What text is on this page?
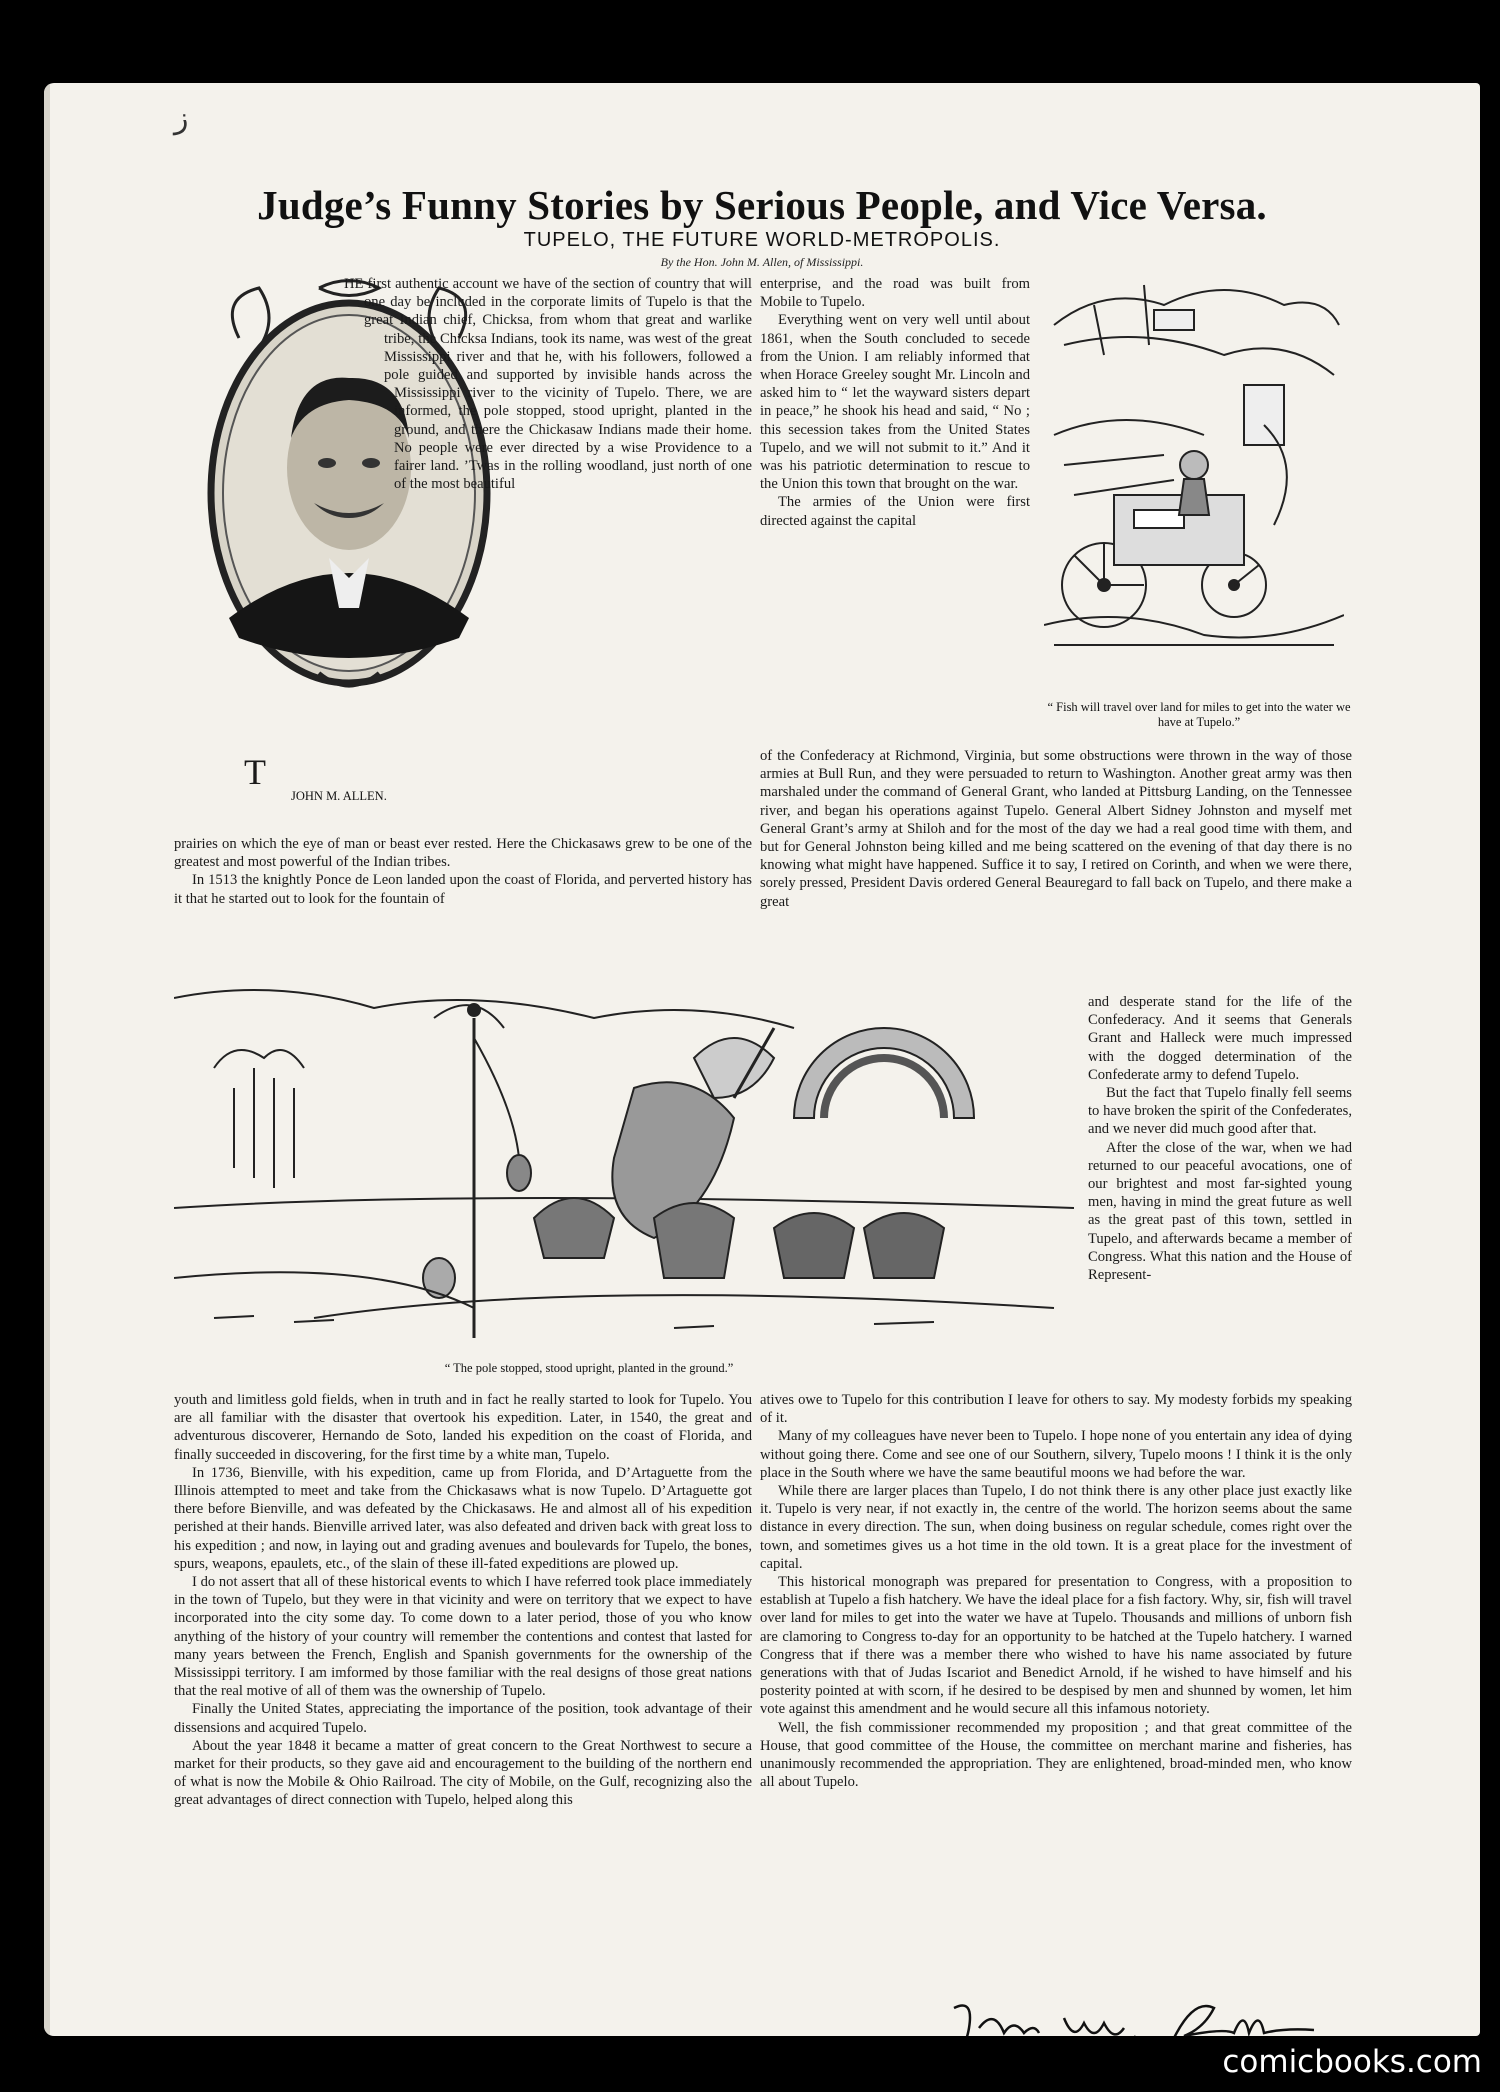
ﺯ
Judge’s Funny Stories by Serious People, and Vice Versa.
TUPELO, THE FUTURE WORLD-METROPOLIS.
By the Hon. John M. Allen, of Mississippi.
JOHN M. ALLEN.

T
HE first authentic account we have of the section of country that will one day be included in the corporate limits of Tupelo is that the great Indian chief, Chicksa, from whom that great and warlike tribe, the Chicksa Indians, took its name, was west of the great Mississippi river and that he, with his followers, followed a pole guided and supported by invisible hands across the Mississippi river to the vicinity of Tupelo. There, we are informed, the pole stopped, stood upright, planted in the ground, and there the Chickasaw Indians made their home. No people were ever directed by a wise Providence to a fairer land. ’Twas in the rolling woodland, just north of one of the most beautiful

prairies on which the eye of man or beast ever rested. Here the Chickasaws grew to be one of the greatest and most powerful of the Indian tribes.

In 1513 the knightly Ponce de Leon landed upon the coast of Florida, and perverted history has it that he started out to look for the fountain of

enterprise, and the road was built from Mobile to Tupelo.

Everything went on very well until about 1861, when the South concluded to secede from the Union. I am reliably informed that when Horace Greeley sought Mr. Lincoln and asked him to “ let the wayward sisters depart in peace,” he shook his head and said, “ No ; this secession takes from the United States Tupelo, and we will not submit to it.” And it was his patriotic determination to rescue to the Union this town that brought on the war.

The armies of the Union were first directed against the capital

“ Fish will travel over land for miles to get into the water we have at Tupelo.”

of the Confederacy at Richmond, Virginia, but some obstructions were thrown in the way of those armies at Bull Run, and they were persuaded to return to Washington. Another great army was then marshaled under the command of General Grant, who landed at Pittsburg Landing, on the Tennessee river, and began his operations against Tupelo. General Albert Sidney Johnston and myself met General Grant’s army at Shiloh and for the most of the day we had a real good time with them, and but for General Johnston being killed and me being scattered on the evening of that day there is no knowing what might have happened. Suffice it to say, I retired on Corinth, and when we were there, sorely pressed, President Davis ordered General Beauregard to fall back on Tupelo, and there make a great

and desperate stand for the life of the Confederacy. And it seems that Generals Grant and Halleck were much impressed with the dogged determination of the Confederate army to defend Tupelo.

But the fact that Tupelo finally fell seems to have broken the spirit of the Confederates, and we never did much good after that.

After the close of the war, when we had returned to our peaceful avocations, one of our brightest and most far-sighted young men, having in mind the great future as well as the great past of this town, settled in Tupelo, and afterwards became a member of Congress. What this nation and the House of Represent-

“ The pole stopped, stood upright, planted in the ground.”

youth and limitless gold fields, when in truth and in fact he really started to look for Tupelo. You are all familiar with the disaster that overtook his expedition. Later, in 1540, the great and adventurous discoverer, Hernando de Soto, landed his expedition on the coast of Florida, and finally succeeded in discovering, for the first time by a white man, Tupelo.

In 1736, Bienville, with his expedition, came up from Florida, and D’Artaguette from the Illinois attempted to meet and take from the Chickasaws what is now Tupelo. D’Artaguette got there before Bienville, and was defeated by the Chickasaws. He and almost all of his expedition perished at their hands. Bienville arrived later, was also defeated and driven back with great loss to his expedition ; and now, in laying out and grading avenues and boulevards for Tupelo, the bones, spurs, weapons, epaulets, etc., of the slain of these ill-fated expeditions are plowed up.

I do not assert that all of these historical events to which I have referred took place immediately in the town of Tupelo, but they were in that vicinity and were on territory that we expect to have incorporated into the city some day. To come down to a later period, those of you who know anything of the history of your country will remember the contentions and contest that lasted for many years between the French, English and Spanish governments for the ownership of the Mississippi territory. I am imformed by those familiar with the real designs of those great nations that the real motive of all of them was the ownership of Tupelo.

Finally the United States, appreciating the importance of the position, took advantage of their dissensions and acquired Tupelo.

About the year 1848 it became a matter of great concern to the Great Northwest to secure a market for their products, so they gave aid and encouragement to the building of the northern end of what is now the Mobile & Ohio Railroad. The city of Mobile, on the Gulf, recognizing also the great advantages of direct connection with Tupelo, helped along this

atives owe to Tupelo for this contribution I leave for others to say. My modesty forbids my speaking of it.

Many of my colleagues have never been to Tupelo. I hope none of you entertain any idea of dying without going there. Come and see one of our Southern, silvery, Tupelo moons ! I think it is the only place in the South where we have the same beautiful moons we had before the war.

While there are larger places than Tupelo, I do not think there is any other place just exactly like it. Tupelo is very near, if not exactly in, the centre of the world. The horizon seems about the same distance in every direction. The sun, when doing business on regular schedule, comes right over the town, and sometimes gives us a hot time in the old town. It is a great place for the investment of capital.

This historical monograph was prepared for presentation to Congress, with a proposition to establish at Tupelo a fish hatchery. We have the ideal place for a fish factory. Why, sir, fish will travel over land for miles to get into the water we have at Tupelo. Thousands and millions of unborn fish are clamoring to Congress to-day for an opportunity to be hatched at the Tupelo hatchery. I warned Congress that if there was a member there who wished to have his name associated by future generations with that of Judas Iscariot and Benedict Arnold, if he wished to have himself and his posterity pointed at with scorn, if he desired to be despised by men and shunned by women, let him vote against this amendment and he would secure all this infamous notoriety.

Well, the fish commissioner recommended my proposition ; and that great committee of the House, that good committee of the House, the committee on merchant marine and fisheries, has unanimously recommended the appropriation. They are enlightened, broad-minded men, who know all about Tupelo.

comicbooks.com
